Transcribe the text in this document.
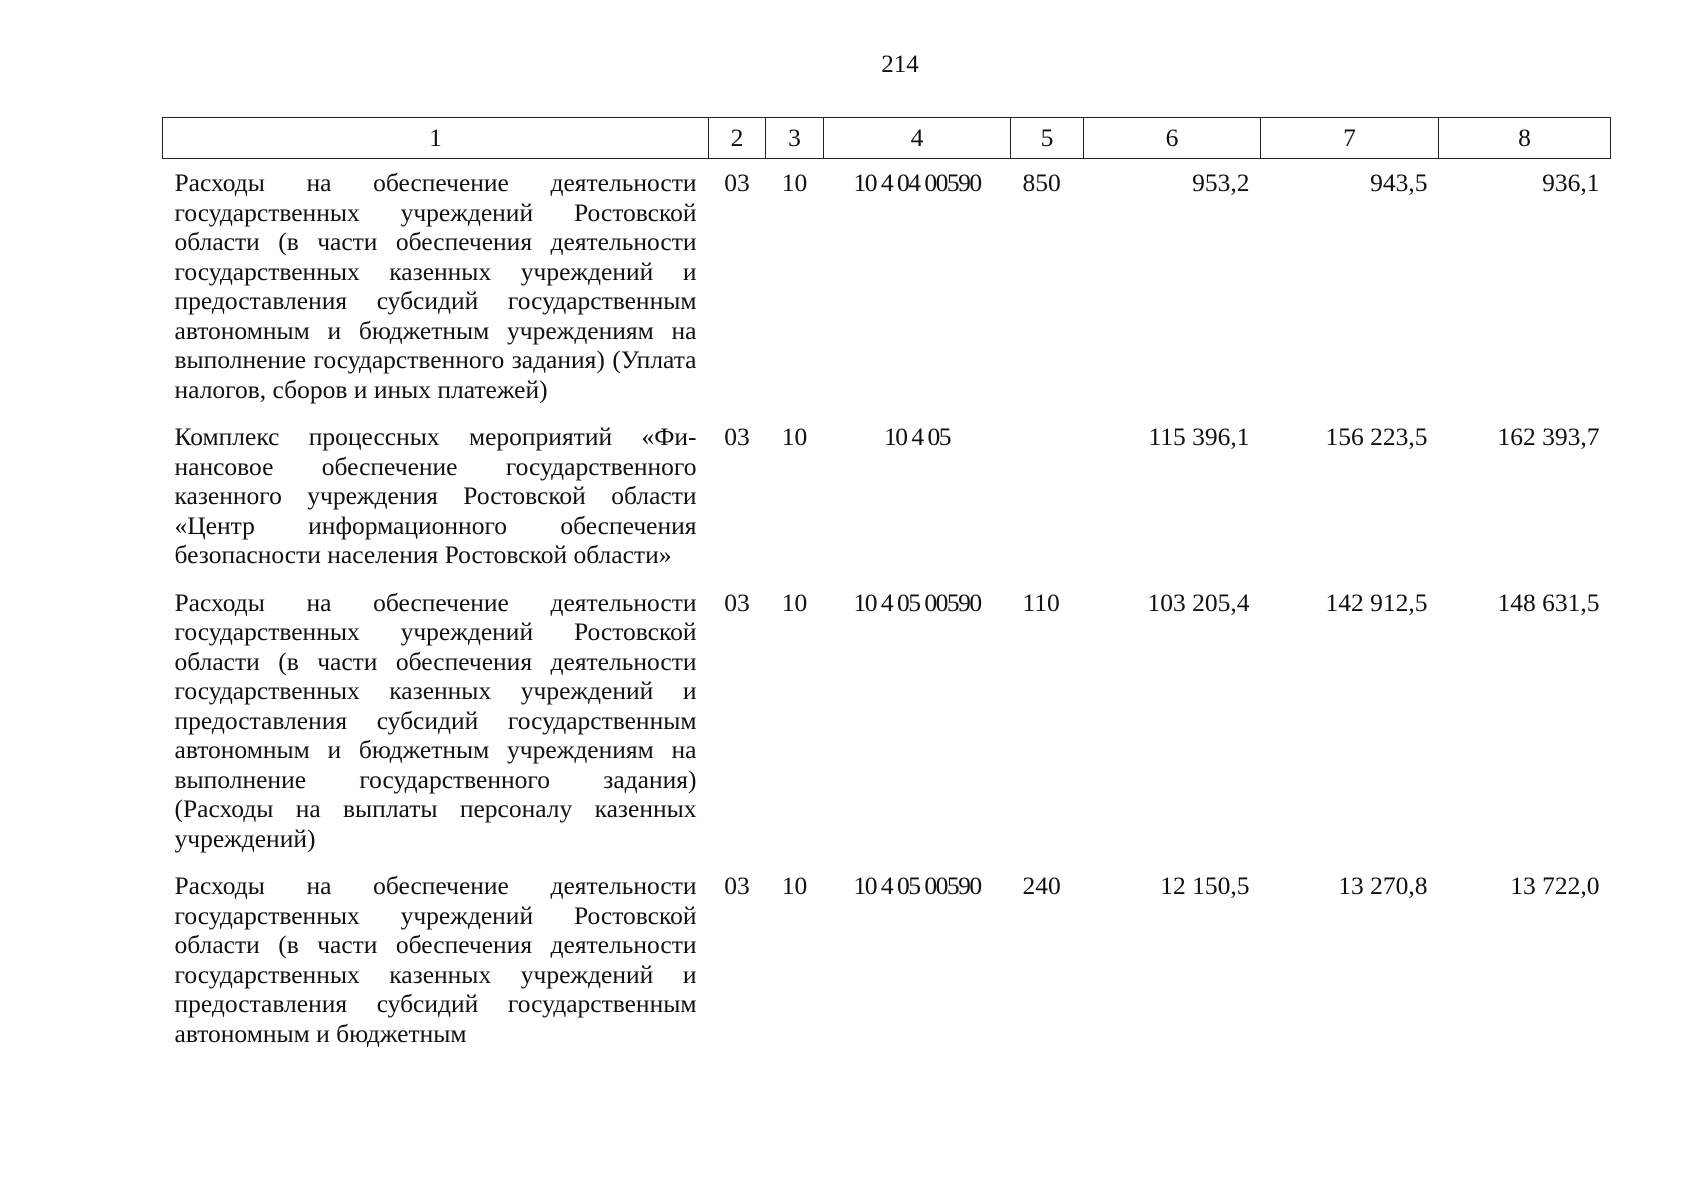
214
1	2	3	4	5	6	7	8
Расходы на обеспечение деятельности государственных учреждений Ростовской области (в части обеспечения деятельности государственных казенных учреждений и предоставления субсидий государственным автономным и бюджетным учреждениям на выполнение государственного задания) (Уплата налогов, сборов и иных платежей)	03	10	10 4 04 00590	850	953,2	943,5	936,1
Комплекс процессных мероприятий «Финансовое обеспечение государственного казенного учреждения Ростовской области «Центр информационного обеспечения безопасности населения Ростовской области»	03	10	10 4 05		115 396,1	156 223,5	162 393,7
Расходы на обеспечение деятельности государственных учреждений Ростовской области (в части обеспечения деятельности государственных казенных учреждений и предоставления субсидий государственным автономным и бюджетным учреждениям на выполнение государственного задания) (Расходы на выплаты персоналу казенных учреждений)	03	10	10 4 05 00590	110	103 205,4	142 912,5	148 631,5
Расходы на обеспечение деятельности государственных учреждений Ростовской области (в части обеспечения деятельности государственных казенных учреждений и предоставления субсидий государственным автономным и бюджетным	03	10	10 4 05 00590	240	12 150,5	13 270,8	13 722,0
